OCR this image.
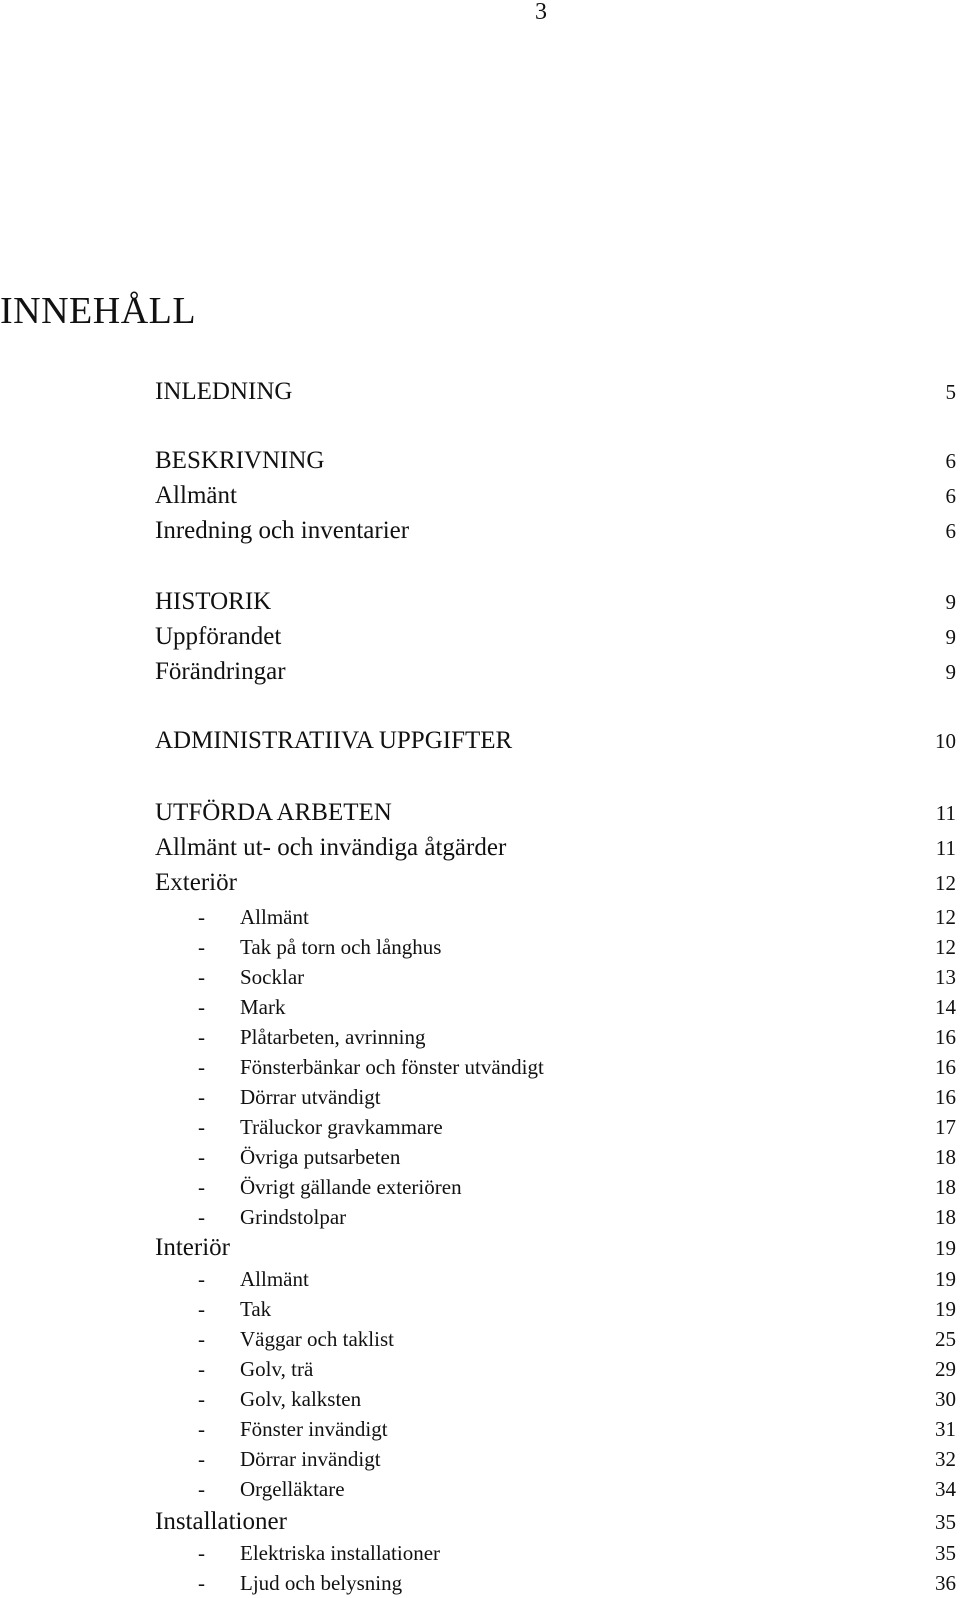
3
INNEHÅLL
INLEDNING	5
BESKRIVNING	6
Allmänt	6
Inredning och inventarier	6
HISTORIK	9
Uppförandet	9
Förändringar	9
ADMINISTRATIIVA UPPGIFTER	10
UTFÖRDA ARBETEN	11
Allmänt ut- och invändiga åtgärder	11
Exteriör	12
- Allmänt	12
- Tak på torn och långhus	12
- Socklar	13
- Mark	14
- Plåtarbeten, avrinning	16
- Fönsterbänkar och fönster utvändigt	16
- Dörrar utvändigt	16
- Träluckor gravkammare	17
- Övriga putsarbeten	18
- Övrigt gällande exteriören	18
- Grindstolpar	18
Interiör	19
- Allmänt	19
- Tak	19
- Väggar och taklist	25
- Golv, trä	29
- Golv, kalksten	30
- Fönster invändigt	31
- Dörrar invändigt	32
- Orgelläktare	34
Installationer	35
- Elektriska installationer	35
- Ljud och belysning	36
